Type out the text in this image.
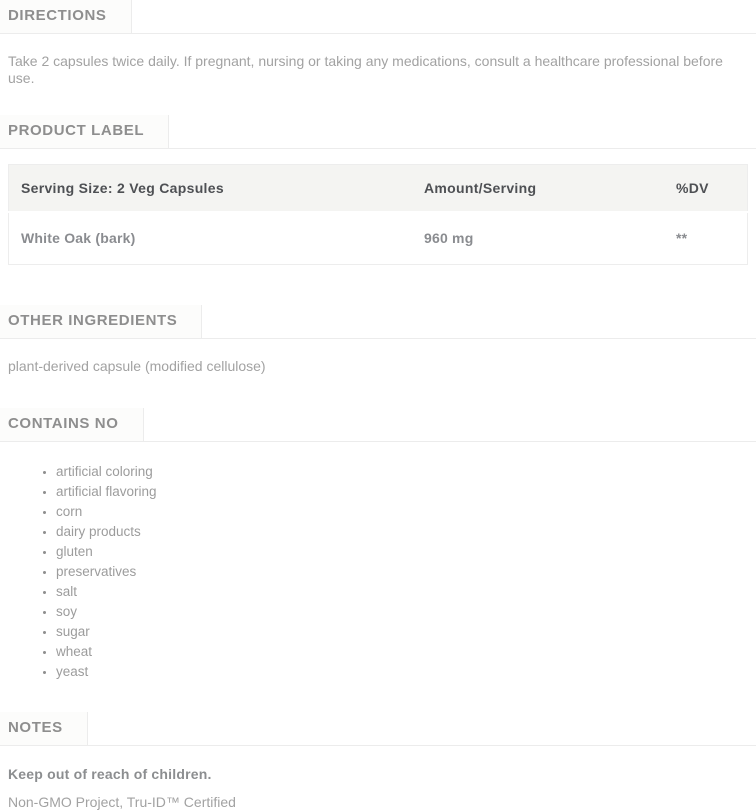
DIRECTIONS

Take 2 capsules twice daily. If pregnant, nursing or taking any medications, consult a healthcare professional before use.

PRODUCT LABEL
Serving Size: 2 Veg Capsules	Amount/Serving	%DV
White Oak (bark)	960 mg	**
OTHER INGREDIENTS

plant-derived capsule (modified cellulose)

CONTAINS NO
• artificial coloring
• artificial flavoring
• corn
• dairy products
• gluten
• preservatives
• salt
• soy
• sugar
• wheat
• yeast
NOTES

Keep out of reach of children.

Non-GMO Project, Tru-ID™ Certified
